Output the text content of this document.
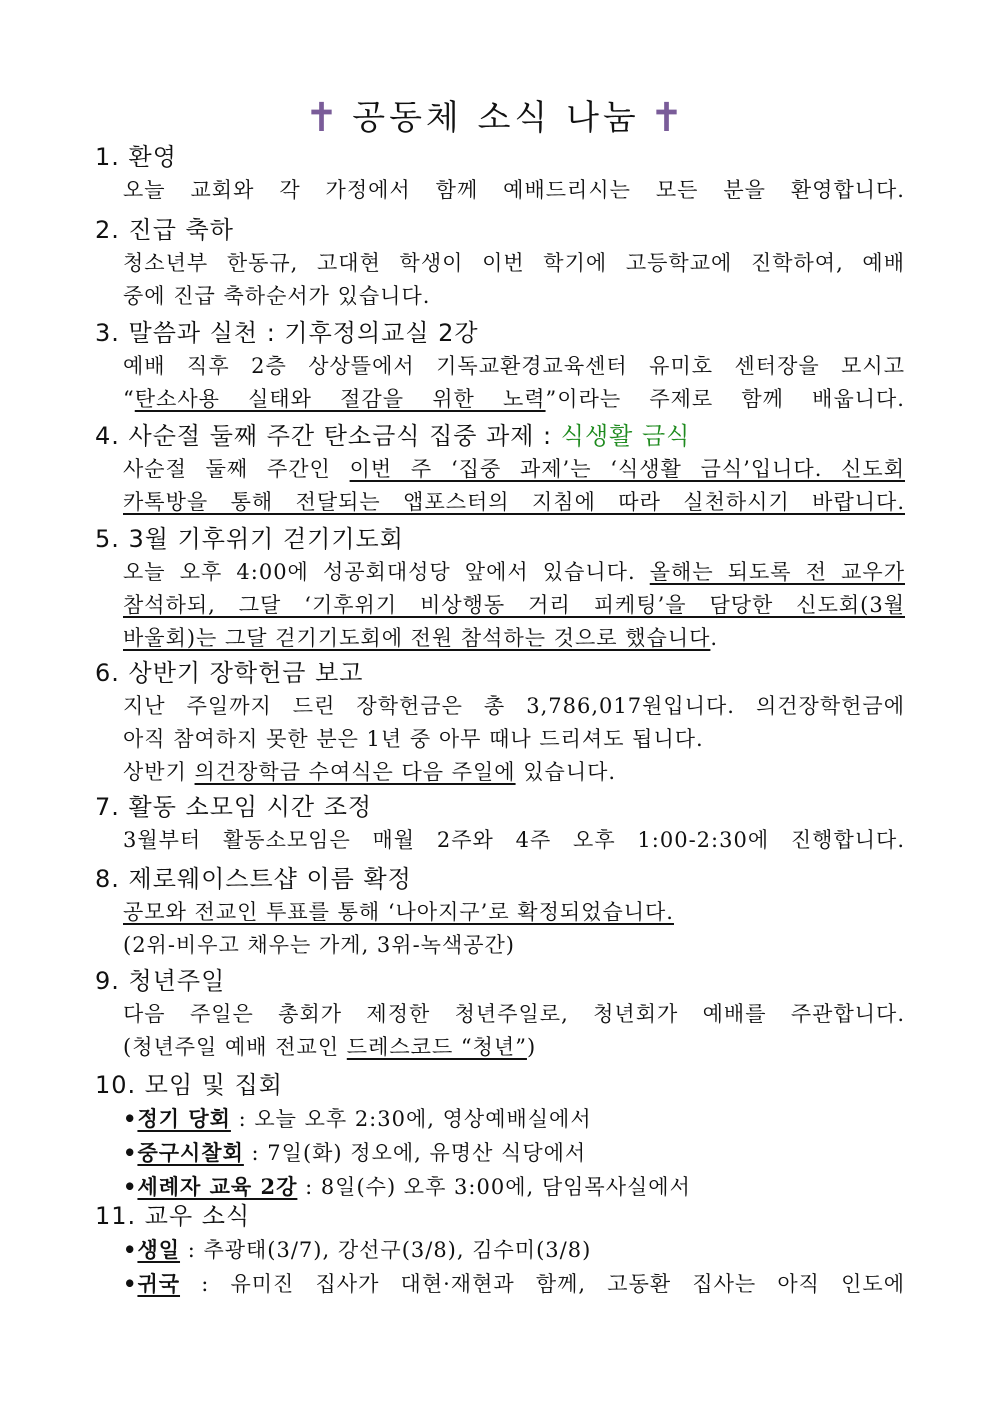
✝ 공동체 소식 나눔 ✝
1. 환영
오늘 교회와 각 가정에서 함께 예배드리시는 모든 분을 환영합니다.
2. 진급 축하
청소년부 한동규, 고대현 학생이 이번 학기에 고등학교에 진학하여, 예배
중에 진급 축하순서가 있습니다.
3. 말씀과 실천 : 기후정의교실 2강
예배 직후 2층 상상뜰에서 기독교환경교육센터 유미호 센터장을 모시고
“탄소사용 실태와 절감을 위한 노력”이라는 주제로 함께 배웁니다.
4. 사순절 둘째 주간 탄소금식 집중 과제 : 식생활 금식
사순절 둘째 주간인 이번 주 ‘집중 과제’는 ‘식생활 금식’입니다. 신도회
카톡방을 통해 전달되는 앱포스터의 지침에 따라 실천하시기 바랍니다.
5. 3월 기후위기 걷기기도회
오늘 오후 4:00에 성공회대성당 앞에서 있습니다. 올해는 되도록 전 교우가
참석하되, 그달 ‘기후위기 비상행동 거리 피케팅’을 담당한 신도회(3월
바울회)는 그달 걷기기도회에 전원 참석하는 것으로 했습니다.
6. 상반기 장학헌금 보고
지난 주일까지 드린 장학헌금은 총 3,786,017원입니다. 의건장학헌금에
아직 참여하지 못한 분은 1년 중 아무 때나 드리셔도 됩니다.
상반기 의건장학금 수여식은 다음 주일에 있습니다.
7. 활동 소모임 시간 조정
3월부터 활동소모임은 매월 2주와 4주 오후 1:00-2:30에 진행합니다.
8. 제로웨이스트샵 이름 확정
공모와 전교인 투표를 통해 ‘나아지구’로 확정되었습니다.
(2위-비우고 채우는 가게, 3위-녹색공간)
9. 청년주일
다음 주일은 총회가 제정한 청년주일로, 청년회가 예배를 주관합니다.
(청년주일 예배 전교인 드레스코드 “청년”)
10. 모임 및 집회
•정기 당회 : 오늘 오후 2:30에, 영상예배실에서
•중구시찰회 : 7일(화) 정오에, 유명산 식당에서
•세례자 교육 2강 : 8일(수) 오후 3:00에, 담임목사실에서
11. 교우 소식
•생일 : 추광태(3/7), 강선구(3/8), 김수미(3/8)
•귀국 : 유미진 집사가 대현·재현과 함께, 고동환 집사는 아직 인도에
